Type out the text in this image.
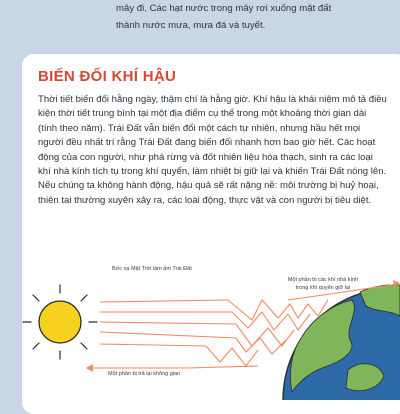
mây đi. Các hạt nước trong mây rơi xuống mặt đất
thành nước mưa, mưa đá và tuyết.
BIẾN ĐỔI KHÍ HẬU
Thời tiết biến đổi hằng ngày, thậm chí là hằng giờ. Khí hậu là khái niệm mô tả điều kiện thời tiết trung bình tại một địa điểm cụ thể trong một khoảng thời gian dài (tính theo năm). Trái Đất vẫn biến đổi một cách tự nhiên, nhưng hầu hết mọi người đều nhất trí rằng Trái Đất đang biến đổi nhanh hơn bao giờ hết. Các hoạt động của con người, như phá rừng và đốt nhiên liệu hóa thạch, sinh ra các loại khí nhà kính tích tụ trong khí quyển, làm nhiệt bị giữ lại và khiến Trái Đất nóng lên. Nếu chúng ta không hành động, hậu quả sẽ rất nặng nề: môi trường bị huỷ hoại, thiên tai thường xuyên xảy ra, các loài động, thực vật và con người bị tiêu diệt.
Bức xạ Mặt Trời làm ấm Trái Đất
Một phần bị các khí nhà kính trong khí quyển giữ lại
Một phần bị trả lại không gian
